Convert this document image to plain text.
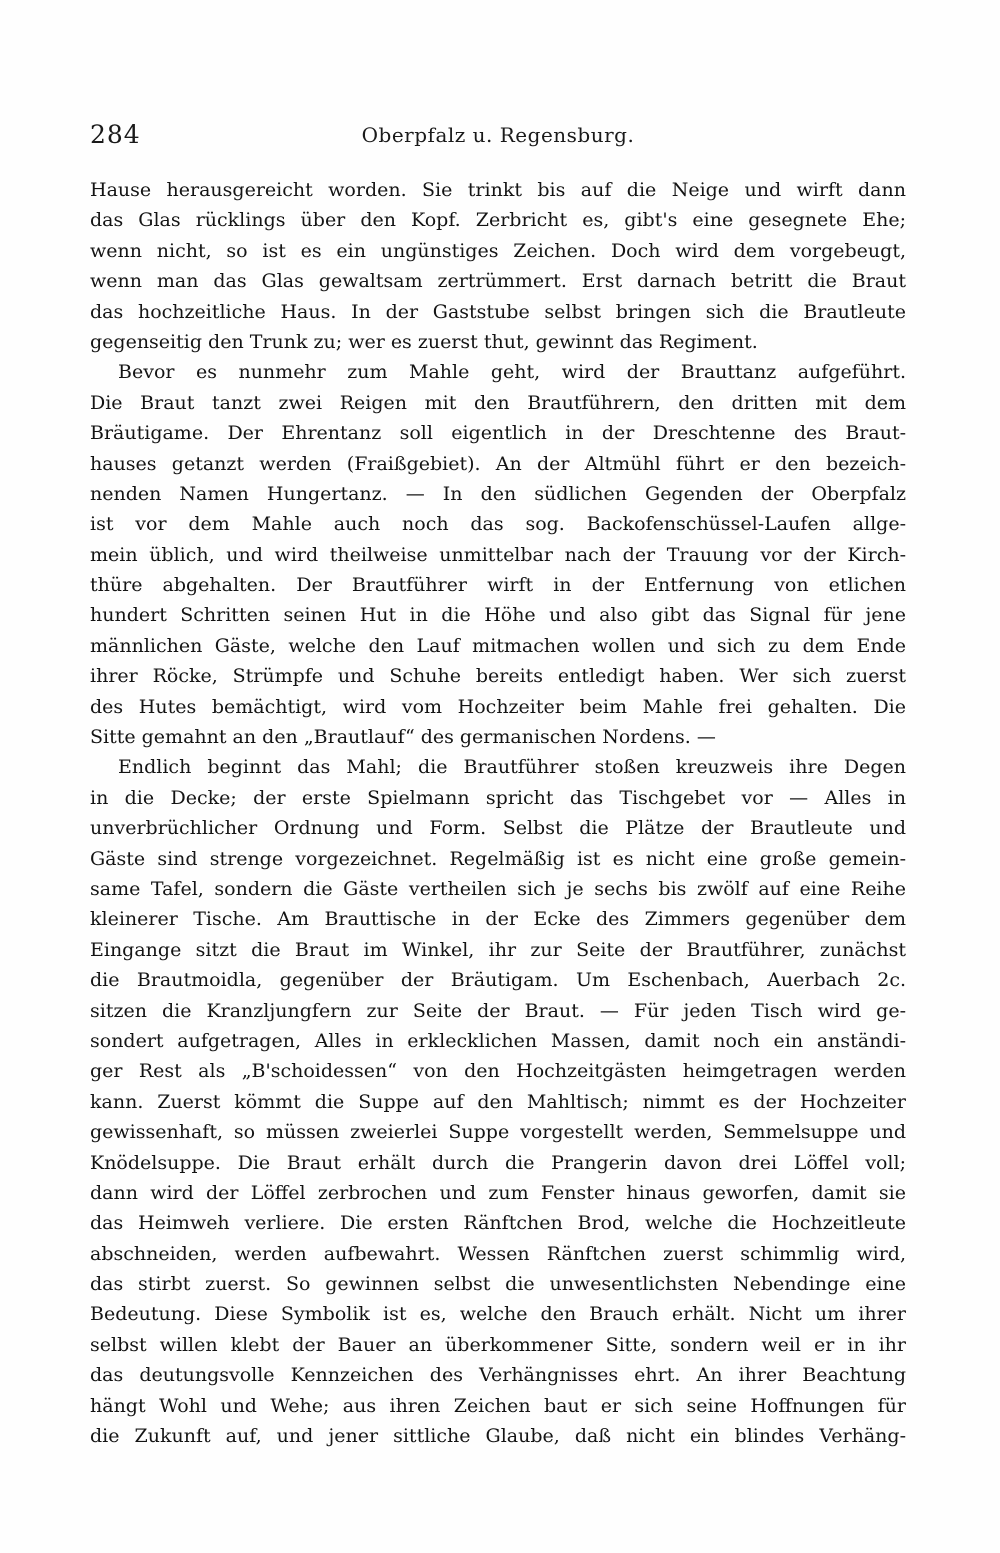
284	Oberpfalz u. Regensburg.
Hause herausgereicht worden. Sie trinkt bis auf die Neige und wirft dann
das Glas rücklings über den Kopf. Zerbricht es, gibt's eine gesegnete Ehe;
wenn nicht, so ist es ein ungünstiges Zeichen. Doch wird dem vorgebeugt,
wenn man das Glas gewaltsam zertrümmert. Erst darnach betritt die Braut
das hochzeitliche Haus. In der Gaststube selbst bringen sich die Brautleute
gegenseitig den Trunk zu; wer es zuerst thut, gewinnt das Regiment.
Bevor es nunmehr zum Mahle geht, wird der Brauttanz aufgeführt.
Die Braut tanzt zwei Reigen mit den Brautführern, den dritten mit dem
Bräutigame. Der Ehrentanz soll eigentlich in der Dreschtenne des Braut-
hauses getanzt werden (Fraißgebiet). An der Altmühl führt er den bezeich-
nenden Namen Hungertanz. — In den südlichen Gegenden der Oberpfalz
ist vor dem Mahle auch noch das sog. Backofenschüssel-Laufen allge-
mein üblich, und wird theilweise unmittelbar nach der Trauung vor der Kirch-
thüre abgehalten. Der Brautführer wirft in der Entfernung von etlichen
hundert Schritten seinen Hut in die Höhe und also gibt das Signal für jene
männlichen Gäste, welche den Lauf mitmachen wollen und sich zu dem Ende
ihrer Röcke, Strümpfe und Schuhe bereits entledigt haben. Wer sich zuerst
des Hutes bemächtigt, wird vom Hochzeiter beim Mahle frei gehalten. Die
Sitte gemahnt an den „Brautlauf“ des germanischen Nordens. —
Endlich beginnt das Mahl; die Brautführer stoßen kreuzweis ihre Degen
in die Decke; der erste Spielmann spricht das Tischgebet vor — Alles in
unverbrüchlicher Ordnung und Form. Selbst die Plätze der Brautleute und
Gäste sind strenge vorgezeichnet. Regelmäßig ist es nicht eine große gemein-
same Tafel, sondern die Gäste vertheilen sich je sechs bis zwölf auf eine Reihe
kleinerer Tische. Am Brauttische in der Ecke des Zimmers gegenüber dem
Eingange sitzt die Braut im Winkel, ihr zur Seite der Brautführer, zunächst
die Brautmoidla, gegenüber der Bräutigam. Um Eschenbach, Auerbach 2c.
sitzen die Kranzljungfern zur Seite der Braut. — Für jeden Tisch wird ge-
sondert aufgetragen, Alles in erklecklichen Massen, damit noch ein anständi-
ger Rest als „B'schoidessen“ von den Hochzeitgästen heimgetragen werden
kann. Zuerst kömmt die Suppe auf den Mahltisch; nimmt es der Hochzeiter
gewissenhaft, so müssen zweierlei Suppe vorgestellt werden, Semmelsuppe und
Knödelsuppe. Die Braut erhält durch die Prangerin davon drei Löffel voll;
dann wird der Löffel zerbrochen und zum Fenster hinaus geworfen, damit sie
das Heimweh verliere. Die ersten Ränftchen Brod, welche die Hochzeitleute
abschneiden, werden aufbewahrt. Wessen Ränftchen zuerst schimmlig wird,
das stirbt zuerst. So gewinnen selbst die unwesentlichsten Nebendinge eine
Bedeutung. Diese Symbolik ist es, welche den Brauch erhält. Nicht um ihrer
selbst willen klebt der Bauer an überkommener Sitte, sondern weil er in ihr
das deutungsvolle Kennzeichen des Verhängnisses ehrt. An ihrer Beachtung
hängt Wohl und Wehe; aus ihren Zeichen baut er sich seine Hoffnungen für
die Zukunft auf, und jener sittliche Glaube, daß nicht ein blindes Verhäng-
